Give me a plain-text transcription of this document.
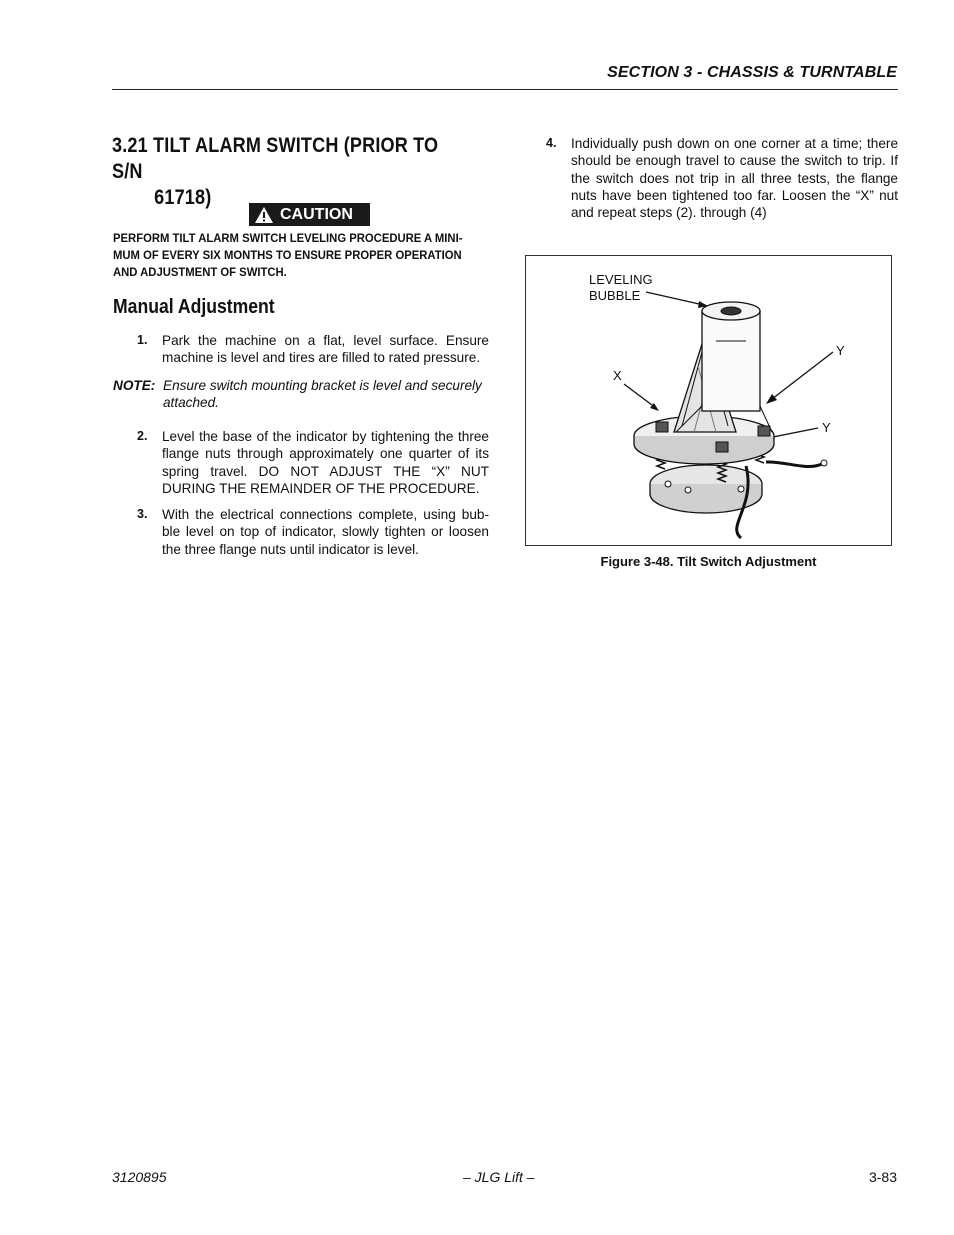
SECTION 3 - CHASSIS & TURNTABLE
3.21 TILT ALARM SWITCH (PRIOR TO S/N
61718)
CAUTION
PERFORM TILT ALARM SWITCH LEVELING PROCEDURE A MINI-MUM OF EVERY SIX MONTHS TO ENSURE PROPER OPERATION AND ADJUSTMENT OF SWITCH.
Manual Adjustment
1. Park the machine on a flat, level surface. Ensure machine is level and tires are filled to rated pressure.
NOTE: Ensure switch mounting bracket is level and securely attached.
2. Level the base of the indicator by tightening the three flange nuts through approximately one quarter of its spring travel. DO NOT ADJUST THE “X” NUT DURING THE REMAINDER OF THE PROCEDURE.
3. With the electrical connections complete, using bub-ble level on top of indicator, slowly tighten or loosen the three flange nuts until indicator is level.
4. Individually push down on one corner at a time; there should be enough travel to cause the switch to trip. If the switch does not trip in all three tests, the flange nuts have been tightened too far. Loosen the “X” nut and repeat steps (2). through (4)
LEVELING
BUBBLE
X
Y
Y
Figure 3-48. Tilt Switch Adjustment
3120895	– JLG Lift –	3-83
